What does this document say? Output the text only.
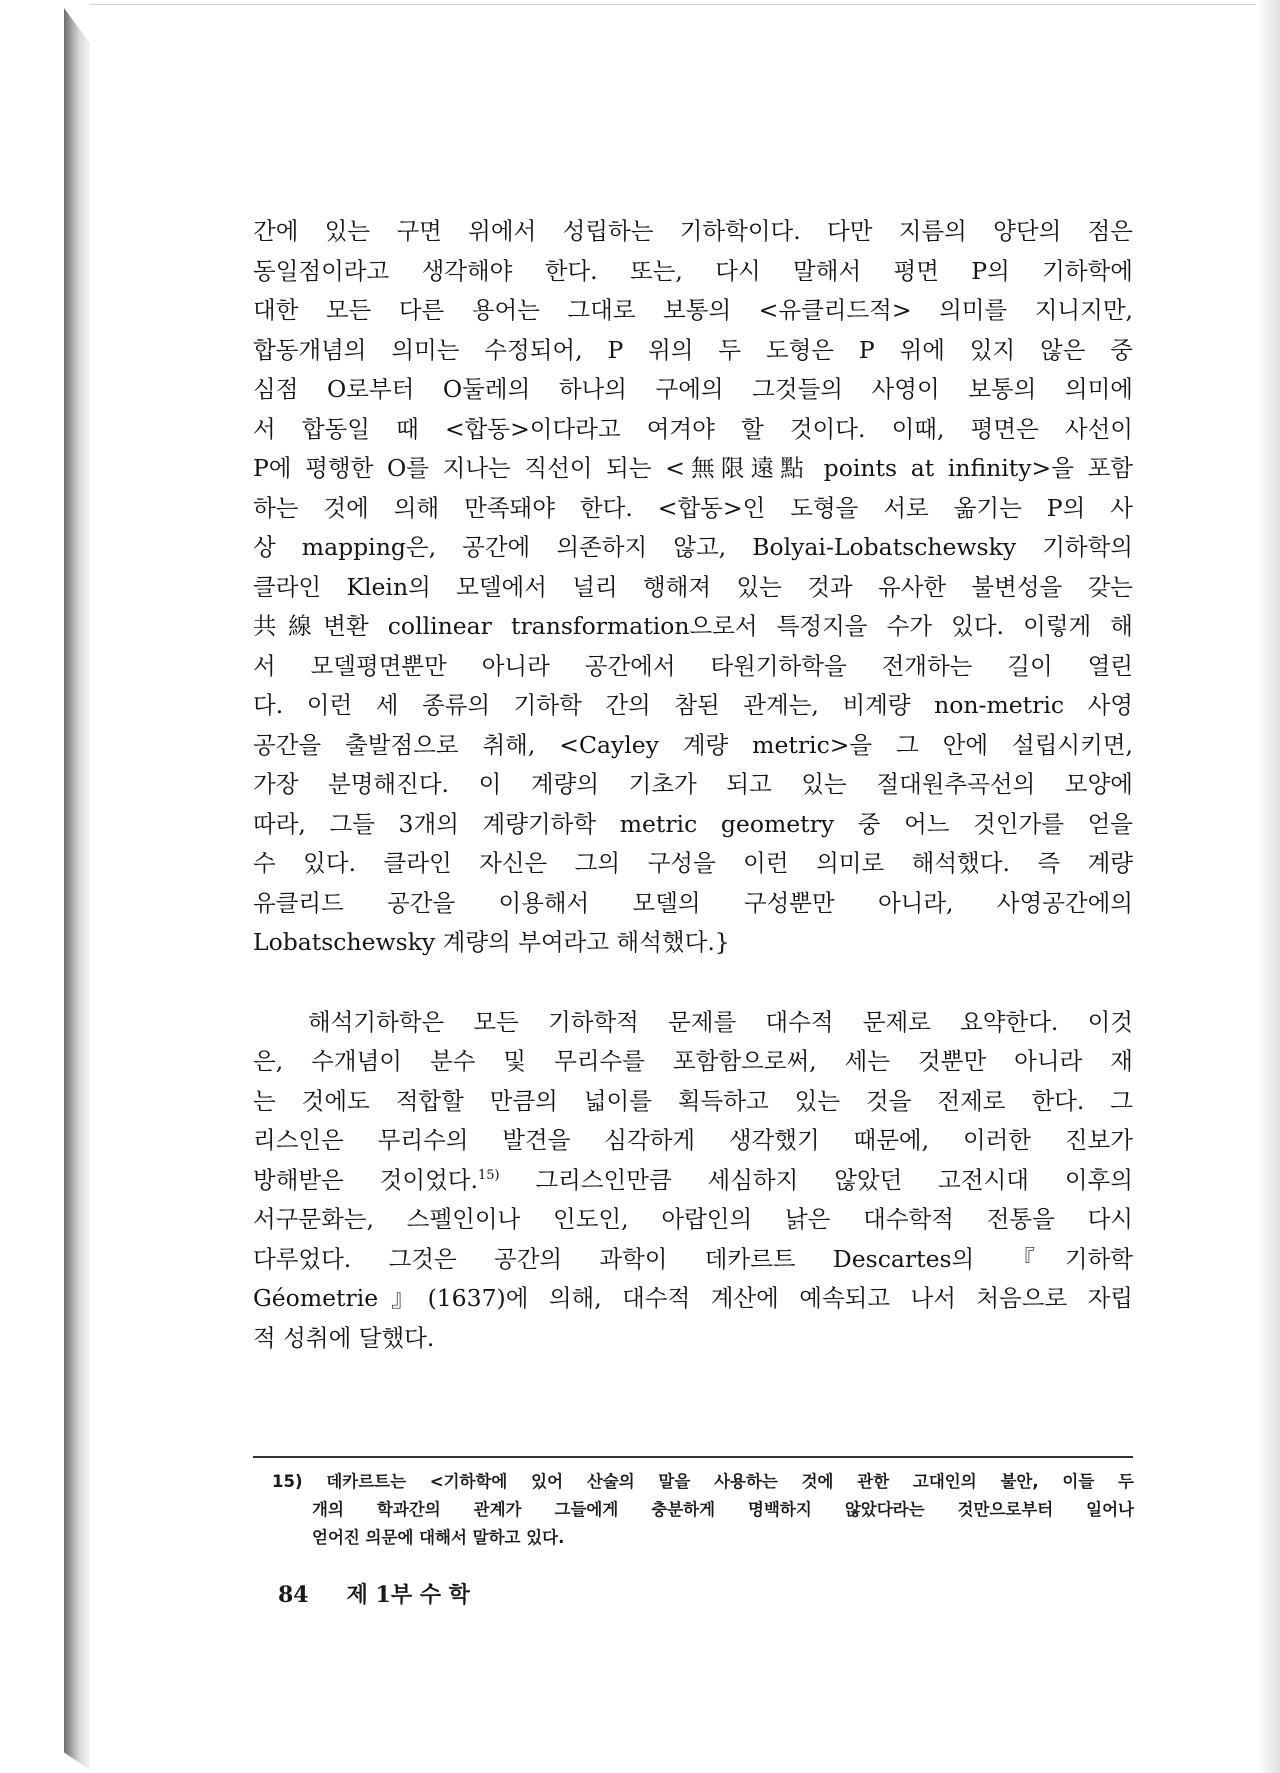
간에 있는 구면 위에서 성립하는 기하학이다. 다만 지름의 양단의 점은
동일점이라고 생각해야 한다. 또는, 다시 말해서 평면 P의 기하학에
대한 모든 다른 용어는 그대로 보통의 <유클리드적> 의미를 지니지만,
합동개념의 의미는 수정되어, P 위의 두 도형은 P 위에 있지 않은 중
심점 O로부터 O둘레의 하나의 구에의 그것들의 사영이 보통의 의미에
서 합동일 때 <합동>이다라고 여겨야 할 것이다. 이때, 평면은 사선이
P에 평행한 O를 지나는 직선이 되는 <無限遠點 points at infinity>을 포함
하는 것에 의해 만족돼야 한다. <합동>인 도형을 서로 옮기는 P의 사
상 mapping은, 공간에 의존하지 않고, Bolyai-Lobatschewsky 기하학의
클라인 Klein의 모델에서 널리 행해져 있는 것과 유사한 불변성을 갖는
共線변환 collinear transformation으로서 특정지을 수가 있다. 이렇게 해
서 모델평면뿐만 아니라 공간에서 타원기하학을 전개하는 길이 열린
다. 이런 세 종류의 기하학 간의 참된 관계는, 비계량 non-metric 사영
공간을 출발점으로 취해, <Cayley 계량 metric>을 그 안에 설립시키면,
가장 분명해진다. 이 계량의 기초가 되고 있는 절대원추곡선의 모양에
따라, 그들 3개의 계량기하학 metric geometry 중 어느 것인가를 얻을
수 있다. 클라인 자신은 그의 구성을 이런 의미로 해석했다. 즉 계량
유클리드 공간을 이용해서 모델의 구성뿐만 아니라, 사영공간에의
Lobatschewsky 계량의 부여라고 해석했다.}
해석기하학은 모든 기하학적 문제를 대수적 문제로 요약한다. 이것
은, 수개념이 분수 및 무리수를 포함함으로써, 세는 것뿐만 아니라 재
는 것에도 적합할 만큼의 넓이를 획득하고 있는 것을 전제로 한다. 그
리스인은 무리수의 발견을 심각하게 생각했기 때문에, 이러한 진보가
방해받은 것이었다.$^{15)}$ 그리스인만큼 세심하지 않았던 고전시대 이후의
서구문화는, 스펠인이나 인도인, 아랍인의 낡은 대수학적 전통을 다시
다루었다. 그것은 공간의 과학이 데카르트 Descartes의 『기하학
Géometrie』(1637)에 의해, 대수적 계산에 예속되고 나서 처음으로 자립
적 성취에 달했다.
15) 데카르트는 <기하학에 있어 산술의 말을 사용하는 것에 관한 고대인의 불안, 이들 두
개의 학과간의 관계가 그들에게 충분하게 명백하지 않았다라는 것만으로부터 일어나
얻어진 의문에 대해서 말하고 있다.
84 제 1부 수 학
